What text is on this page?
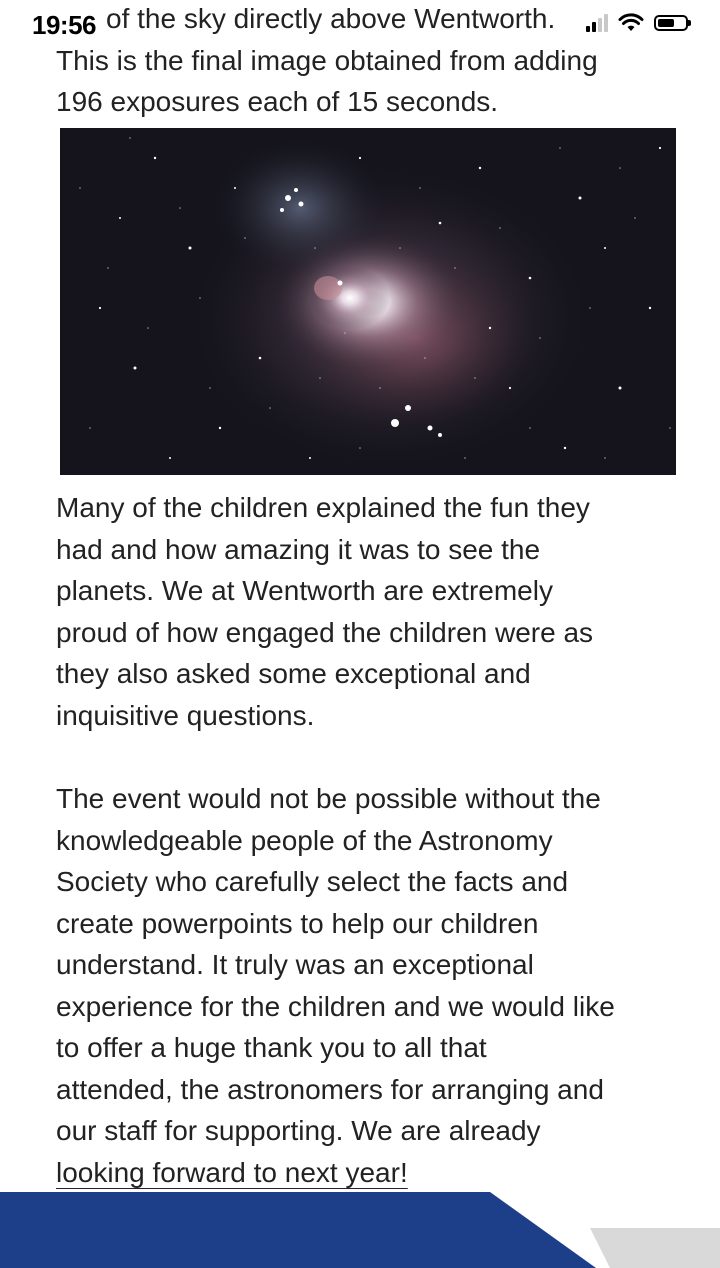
19:56 of the sky directly above Wentworth.

This is the final image obtained from adding

196 exposures each of 15 seconds.

Many of the children explained the fun they

had and how amazing it was to see the

planets. We at Wentworth are extremely

proud of how engaged the children were as

they also asked some exceptional and

inquisitive questions.

The event would not be possible without the

knowledgeable people of the Astronomy

Society who carefully select the facts and

create powerpoints to help our children

understand. It truly was an exceptional

experience for the children and we would like

to offer a huge thank you to all that

attended, the astronomers for arranging and

our staff for supporting. We are already

looking forward to next year!
